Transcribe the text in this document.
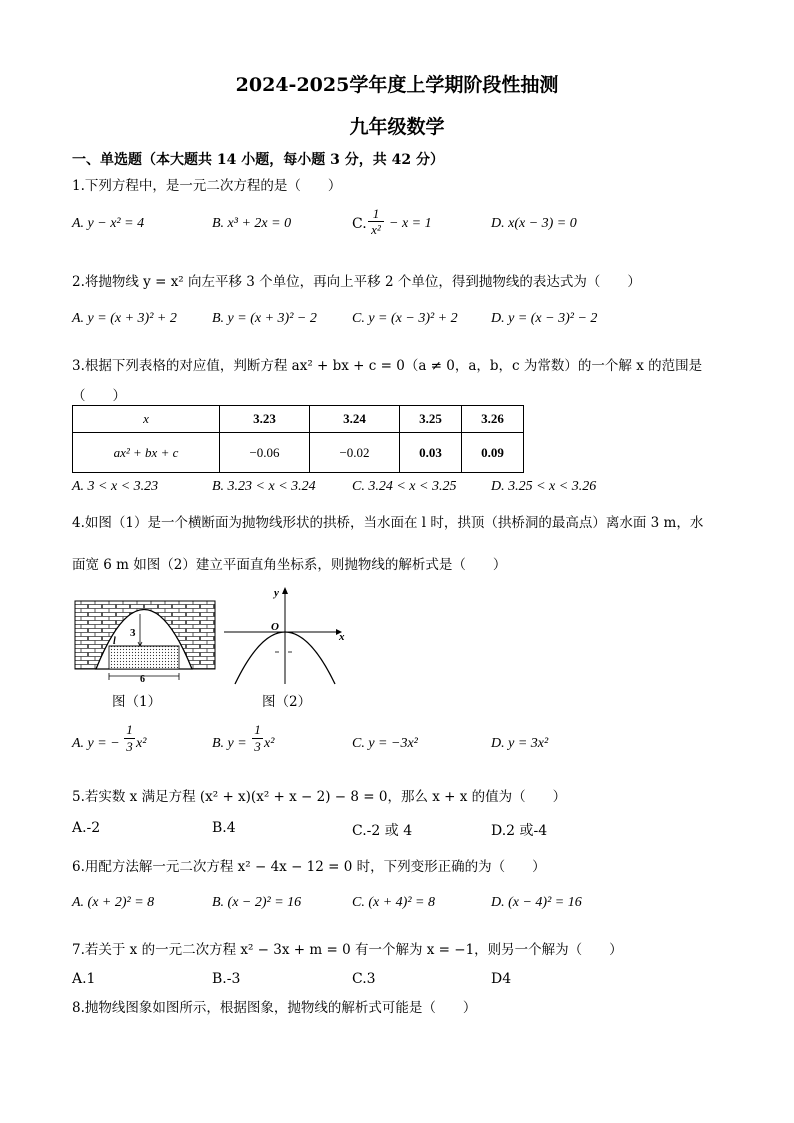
2024-2025学年度上学期阶段性抽测
九年级数学
一、单选题（本大题共 14 小题，每小题 3 分，共 42 分）
1.下列方程中，是一元二次方程的是（　　）
A. y − x² = 4	B. x³ + 2x = 0	C. $\frac{1}{\text{x²}} - x = 1$	D. x(x − 3) = 0
2.将抛物线 y = x² 向左平移 3 个单位，再向上平移 2 个单位，得到抛物线的表达式为（　　）
A. y = (x + 3)² + 2	B. y = (x + 3)² − 2	C. y = (x − 3)² + 2 D. y = (x − 3)² − 2
3.根据下列表格的对应值，判断方程 ax² + bx + c = 0（a ≠ 0，a，b，c 为常数）的一个解 x 的范围是
（　　）
x	3.23	3.24	3.25	3.26
ax² + bx + c	−0.06	−0.02	0.03	0.09
A. 3 < x < 3.23	B. 3.23 < x < 3.24	C. 3.24 < x < 3.25 D. 3.25 < x < 3.26
4.如图（1）是一个横断面为抛物线形状的拱桥，当水面在 l 时，拱顶（拱桥洞的最高点）离水面 3 m，水
面宽 6 m 如图（2）建立平面直角坐标系，则抛物线的解析式是（　　）
3
l
6
图（1）
x
y
O
图（2）
A. y = − $\frac{1}{3} x^2$	B. $y = \frac{1}{3} x^2$	C. y = −3x²	D. y = 3x²
5.若实数 x 满足方程 (x² + x)(x² + x − 2) − 8 = 0，那么 x + x 的值为（　　）
A.-2	B.4	C.-2 或 4	D.2 或-4
6.用配方法解一元二次方程 x² − 4x − 12 = 0 时，下列变形正确的为（　　）
A. (x + 2)² = 8	B. (x − 2)² = 16	C. (x + 4)² = 8	D. (x − 4)² = 16
7.若关于 x 的一元二次方程 x² − 3x + m = 0 有一个解为 x = −1，则另一个解为（　　）
A.1	B.-3	C.3	D4
8.抛物线图象如图所示，根据图象，抛物线的解析式可能是（　　）
